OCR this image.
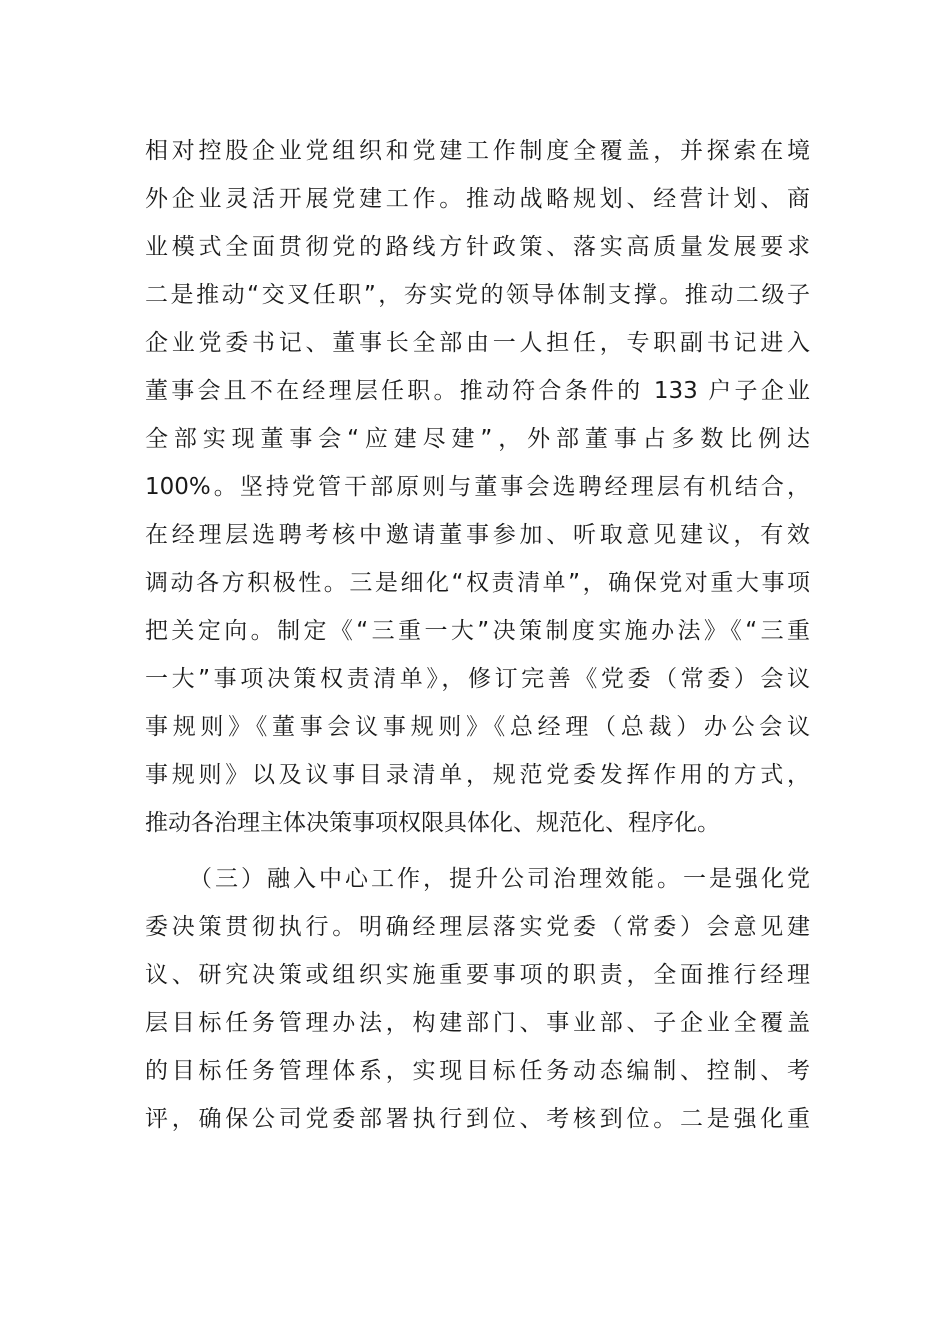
相对控股企业党组织和党建工作制度全覆盖，并探索在境
外企业灵活开展党建工作。推动战略规划、经营计划、商
业模式全面贯彻党的路线方针政策、落实高质量发展要求
二是推动“交叉任职”，夯实党的领导体制支撑。推动二级子
企业党委书记、董事长全部由一人担任，专职副书记进入
董事会且不在经理层任职。推动符合条件的 133 户子企业
全部实现董事会“应建尽建”，外部董事占多数比例达
100%。坚持党管干部原则与董事会选聘经理层有机结合，
在经理层选聘考核中邀请董事参加、听取意见建议，有效
调动各方积极性。三是细化“权责清单”，确保党对重大事项
把关定向。制定《“三重一大”决策制度实施办法》《“三重
一大”事项决策权责清单》，修订完善《党委（常委）会议
事规则》《董事会议事规则》《总经理（总裁）办公会议
事规则》以及议事目录清单，规范党委发挥作用的方式，
推动各治理主体决策事项权限具体化、规范化、程序化。
（三）融入中心工作，提升公司治理效能。一是强化党
委决策贯彻执行。明确经理层落实党委（常委）会意见建
议、研究决策或组织实施重要事项的职责，全面推行经理
层目标任务管理办法，构建部门、事业部、子企业全覆盖
的目标任务管理体系，实现目标任务动态编制、控制、考
评，确保公司党委部署执行到位、考核到位。二是强化重
